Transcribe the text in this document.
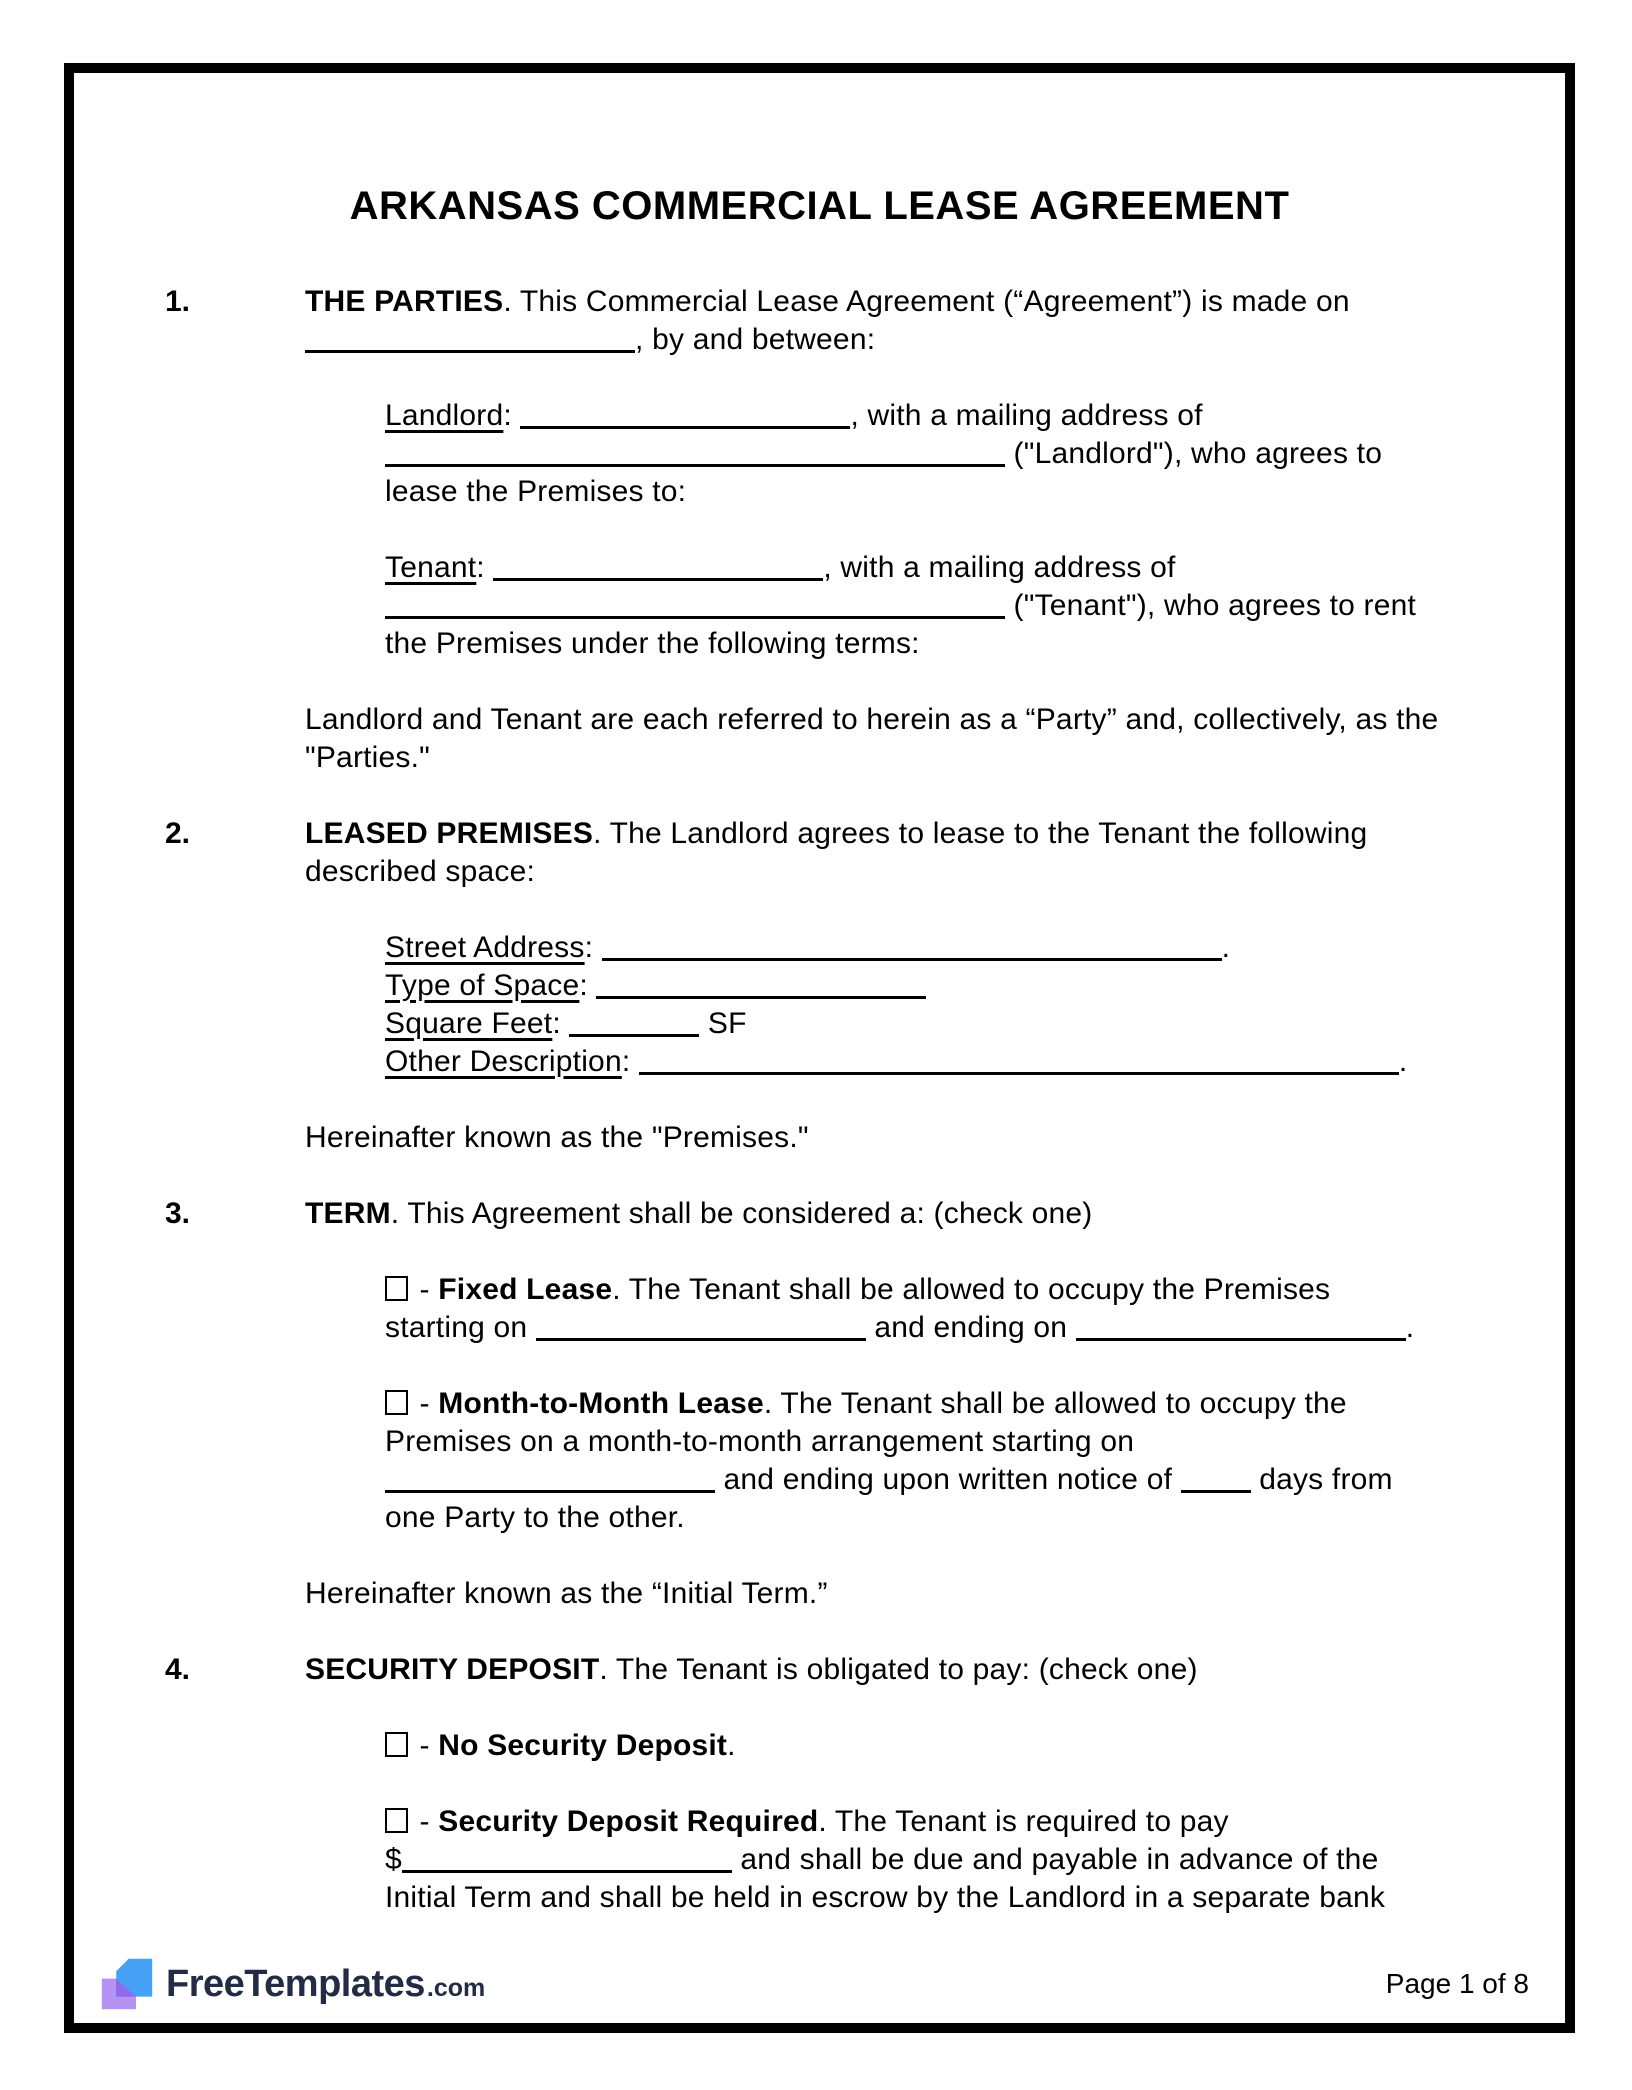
ARKANSAS COMMERCIAL LEASE AGREEMENT
1.	THE PARTIES. This Commercial Lease Agreement (“Agreement”) is made on , by and between:
Landlord:	, with a mailing address of  ("Landlord"), who agrees to lease the Premises to:
Tenant:	, with a mailing address of  ("Tenant"), who agrees to rent the Premises under the following terms:
Landlord and Tenant are each referred to herein as a “Party” and, collectively, as the "Parties."
2.	LEASED PREMISES. The Landlord agrees to lease to the Tenant the following described space:
Street Address:	.
Type of Space:
Square Feet:	SF
Other Description:	.
Hereinafter known as the "Premises."
3.	TERM. This Agreement shall be considered a: (check one)
- Fixed Lease. The Tenant shall be allowed to occupy the Premises starting on	and ending on	.
- Month-to-Month Lease. The Tenant shall be allowed to occupy the Premises on a month-to-month arrangement starting on  and ending upon written notice of  days from one Party to the other.
Hereinafter known as the “Initial Term.”
4.	SECURITY DEPOSIT. The Tenant is obligated to pay: (check one)
- No Security Deposit.
- Security Deposit Required. The Tenant is required to pay $	and shall be due and payable in advance of the Initial Term and shall be held in escrow by the Landlord in a separate bank
FreeTemplates .com	Page 1 of 8
